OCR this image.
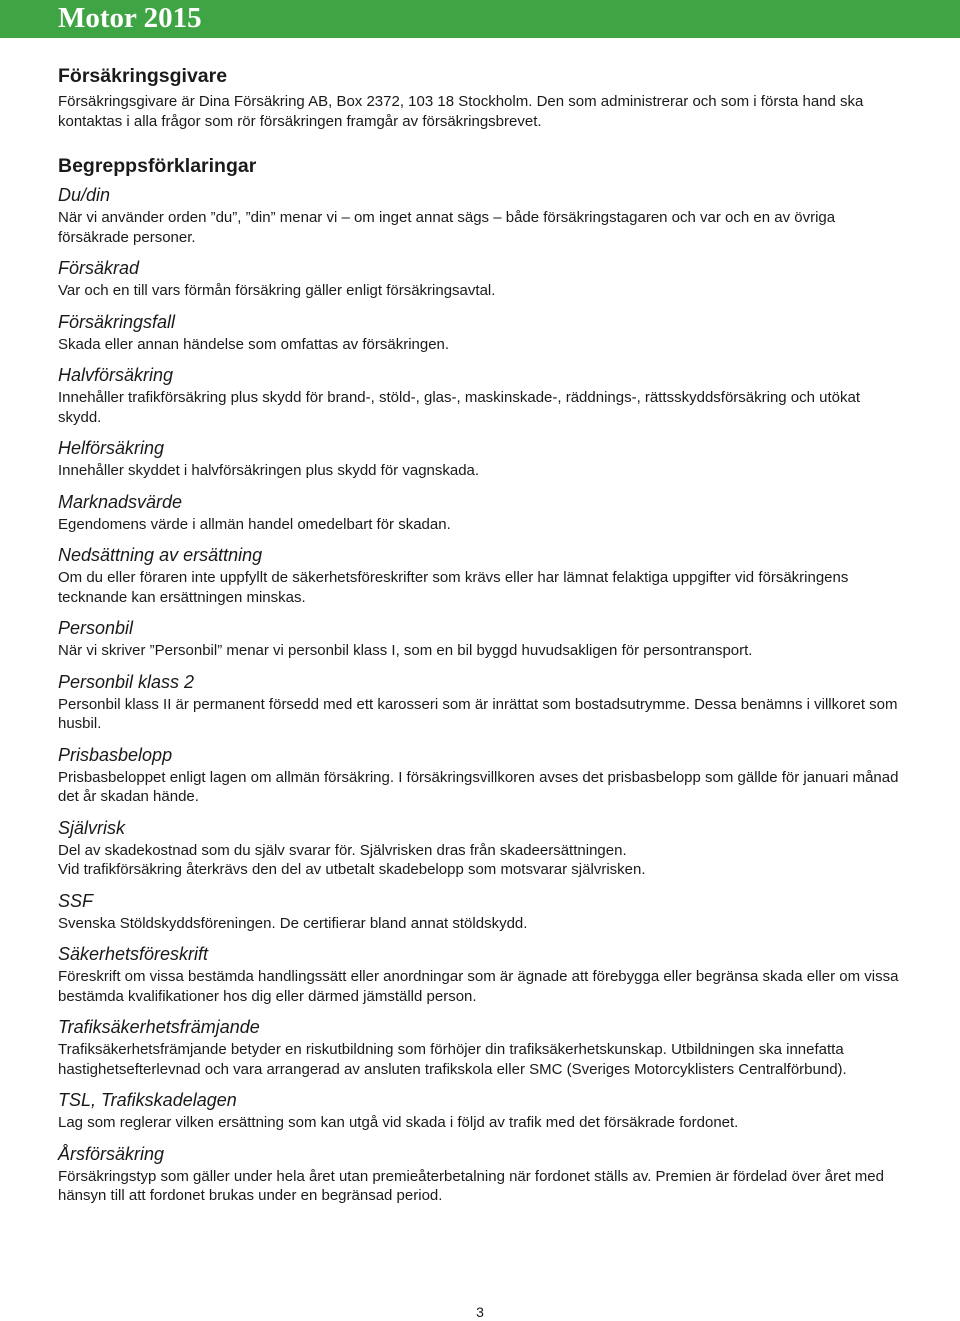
Motor 2015
Försäkringsgivare

Försäkringsgivare är Dina Försäkring AB, Box 2372, 103 18 Stockholm. Den som administrerar och som i första hand ska kontaktas i alla frågor som rör försäkringen framgår av försäkringsbrevet.

Begreppsförklaringar
Du/din

När vi använder orden ”du”, ”din” menar vi – om inget annat sägs – både försäkringstagaren och var och en av övriga försäkrade personer.

Försäkrad

Var och en till vars förmån försäkring gäller enligt försäkringsavtal.

Försäkringsfall

Skada eller annan händelse som omfattas av försäkringen.

Halvförsäkring

Innehåller trafikförsäkring plus skydd för brand-, stöld-, glas-, maskinskade-, räddnings-, rättsskyddsförsäkring och utökat skydd.

Helförsäkring

Innehåller skyddet i halvförsäkringen plus skydd för vagnskada.

Marknadsvärde

Egendomens värde i allmän handel omedelbart för skadan.

Nedsättning av ersättning

Om du eller föraren inte uppfyllt de säkerhetsföreskrifter som krävs eller har lämnat felaktiga uppgifter vid försäkringens tecknande kan ersättningen minskas.

Personbil

När vi skriver ”Personbil” menar vi personbil klass I, som en bil byggd huvudsakligen för persontransport.

Personbil klass 2

Personbil klass II är permanent försedd med ett karosseri som är inrättat som bostadsutrymme. Dessa benämns i villkoret som husbil.

Prisbasbelopp

Prisbasbeloppet enligt lagen om allmän försäkring. I försäkringsvillkoren avses det prisbasbelopp som gällde för januari månad det år skadan hände.

Självrisk

Del av skadekostnad som du själv svarar för. Självrisken dras från skadeersättningen.
Vid trafikförsäkring återkrävs den del av utbetalt skadebelopp som motsvarar självrisken.

SSF

Svenska Stöldskyddsföreningen. De certifierar bland annat stöldskydd.

Säkerhetsföreskrift

Föreskrift om vissa bestämda handlingssätt eller anordningar som är ägnade att förebygga eller begränsa skada eller om vissa bestämda kvalifikationer hos dig eller därmed jämställd person.

Trafiksäkerhetsfrämjande

Trafiksäkerhetsfrämjande betyder en riskutbildning som förhöjer din trafiksäkerhetskunskap. Utbildningen ska innefatta hastighetsefterlevnad och vara arrangerad av ansluten trafikskola eller SMC (Sveriges Motorcyklisters Centralförbund).

TSL, Trafikskadelagen

Lag som reglerar vilken ersättning som kan utgå vid skada i följd av trafik med det försäkrade fordonet.

Årsförsäkring

Försäkringstyp som gäller under hela året utan premieåterbetalning när fordonet ställs av. Premien är fördelad över året med hänsyn till att fordonet brukas under en begränsad period.

3
